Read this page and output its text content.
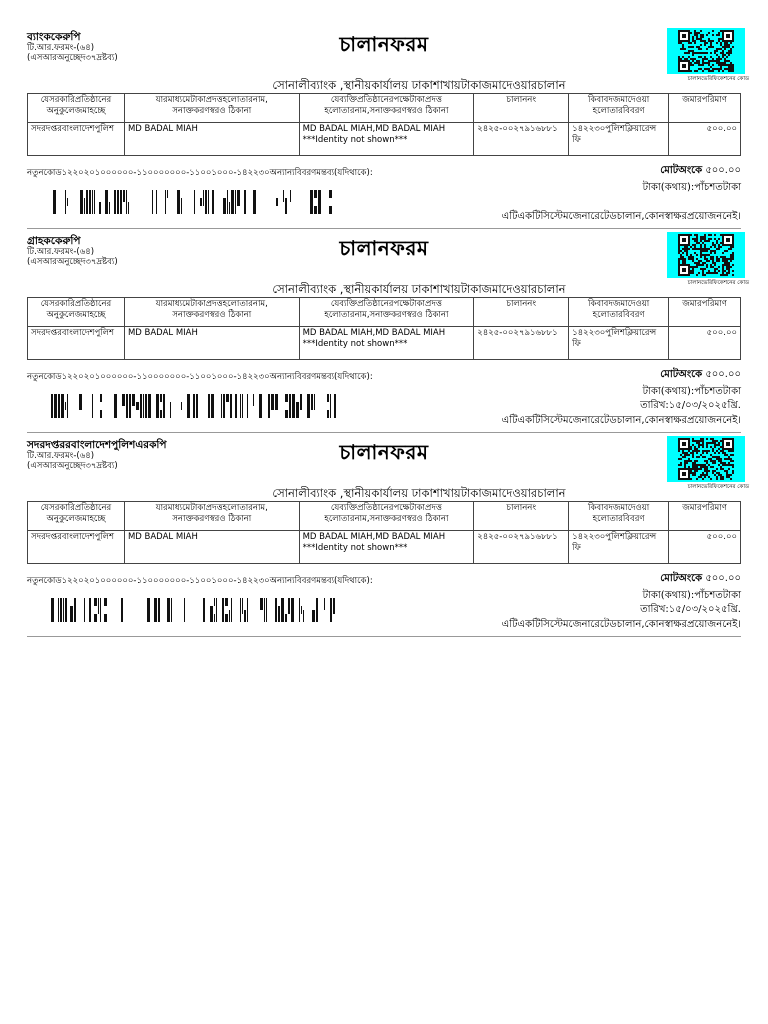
ব্যাংককেরুপি
টি.আর.ফরমং-(৬৪)
(এসআরঅনুচ্ছেদ৩৭দ্রষ্টব্য)
চালানফরম
চালানভেরিফিকেশনের কোড
সোনালীব্যাংক ,স্থানীয়কার্যালয় ঢাকাশাখায়টাকাজমাদেওয়ারচালান
যেসরকারিপ্রতিষ্ঠানের অনুকুলেজমাহচ্ছে	যারমাধ্যমেটাকাপ্রদত্তহলোতারনাম, সনাক্তকরণস্বরও ঠিকানা	যেব্যক্তিপ্রতিষ্ঠানেরপক্ষেটাকাপ্রদত্ত হলোতারনাম,সনাক্তকরণস্বরও ঠিকানা	চালাননং	কিবাবদজমাদেওয়া হলোতারবিবরণ	জমারপরিমাণ
সদরদপ্তরবাংলাদেশপুলিশ	MD BADAL MIAH	MD BADAL MIAH,MD BADAL MIAH
***Identity not shown***	২৪২৫-০০২৭৯১৬৮৮১	১৪২২৩০পুলিশক্লিয়ারেন্স ফি	৫০০.০০
নতুনকোড১২২০২০১০০০০০০-১১০০০০০০০-১১০০১০০০-১৪২২৩০অন্যান্যবিবরণমন্তব্য(যদিথাকে):	মোটঅংকে ৫০০.০০
টাকা(কথায়):পাঁচশতটাকা
এটিএকটিসিস্টেমজেনারেটেডচালান,কোনস্বাক্ষরপ্রয়োজননেই।
গ্রাহককেরুপি
টি.আর.ফরমং-(৬৪)
(এসআরঅনুচ্ছেদ৩৭দ্রষ্টব্য)
চালানফরম
চালানভেরিফিকেশনের কোড
সোনালীব্যাংক ,স্থানীয়কার্যালয় ঢাকাশাখায়টাকাজমাদেওয়ারচালান
যেসরকারিপ্রতিষ্ঠানের অনুকুলেজমাহচ্ছে	যারমাধ্যমেটাকাপ্রদত্তহলোতারনাম, সনাক্তকরণস্বরও ঠিকানা	যেব্যক্তিপ্রতিষ্ঠানেরপক্ষেটাকাপ্রদত্ত হলোতারনাম,সনাক্তকরণস্বরও ঠিকানা	চালাননং	কিবাবদজমাদেওয়া হলোতারবিবরণ	জমারপরিমাণ
সদরদপ্তরবাংলাদেশপুলিশ	MD BADAL MIAH	MD BADAL MIAH,MD BADAL MIAH
***Identity not shown***	২৪২৫-০০২৭৯১৬৮৮১	১৪২২৩০পুলিশক্লিয়ারেন্স ফি	৫০০.০০
নতুনকোড১২২০২০১০০০০০০-১১০০০০০০০-১১০০১০০০-১৪২২৩০অন্যান্যবিবরণমন্তব্য(যদিথাকে):	মোটঅংকে ৫০০.০০
টাকা(কথায়):পাঁচশতটাকা
তারিখ:১৫/০৩/২০২৫খ্রি.
এটিএকটিসিস্টেমজেনারেটেডচালান,কোনস্বাক্ষরপ্রয়োজননেই।
সদরদপ্তররবাংলাদেশপুলিশএরকপি
টি.আর.ফরমং-(৬৪)
(এসআরঅনুচ্ছেদ৩৭দ্রষ্টব্য)
চালানফরম
চালানভেরিফিকেশনের কোড
সোনালীব্যাংক ,স্থানীয়কার্যালয় ঢাকাশাখায়টাকাজমাদেওয়ারচালান
যেসরকারিপ্রতিষ্ঠানের অনুকুলেজমাহচ্ছে	যারমাধ্যমেটাকাপ্রদত্তহলোতারনাম, সনাক্তকরণস্বরও ঠিকানা	যেব্যক্তিপ্রতিষ্ঠানেরপক্ষেটাকাপ্রদত্ত হলোতারনাম,সনাক্তকরণস্বরও ঠিকানা	চালাননং	কিবাবদজমাদেওয়া হলোতারবিবরণ	জমারপরিমাণ
সদরদপ্তরবাংলাদেশপুলিশ	MD BADAL MIAH	MD BADAL MIAH,MD BADAL MIAH
***Identity not shown***	২৪২৫-০০২৭৯১৬৮৮১	১৪২২৩০পুলিশক্লিয়ারেন্স ফি	৫০০.০০
নতুনকোড১২২০২০১০০০০০০-১১০০০০০০০-১১০০১০০০-১৪২২৩০অন্যান্যবিবরণমন্তব্য(যদিথাকে):	মোটঅংকে ৫০০.০০
টাকা(কথায়):পাঁচশতটাকা
তারিখ:১৫/০৩/২০২৫খ্রি.
এটিএকটিসিস্টেমজেনারেটেডচালান,কোনস্বাক্ষরপ্রয়োজননেই।
